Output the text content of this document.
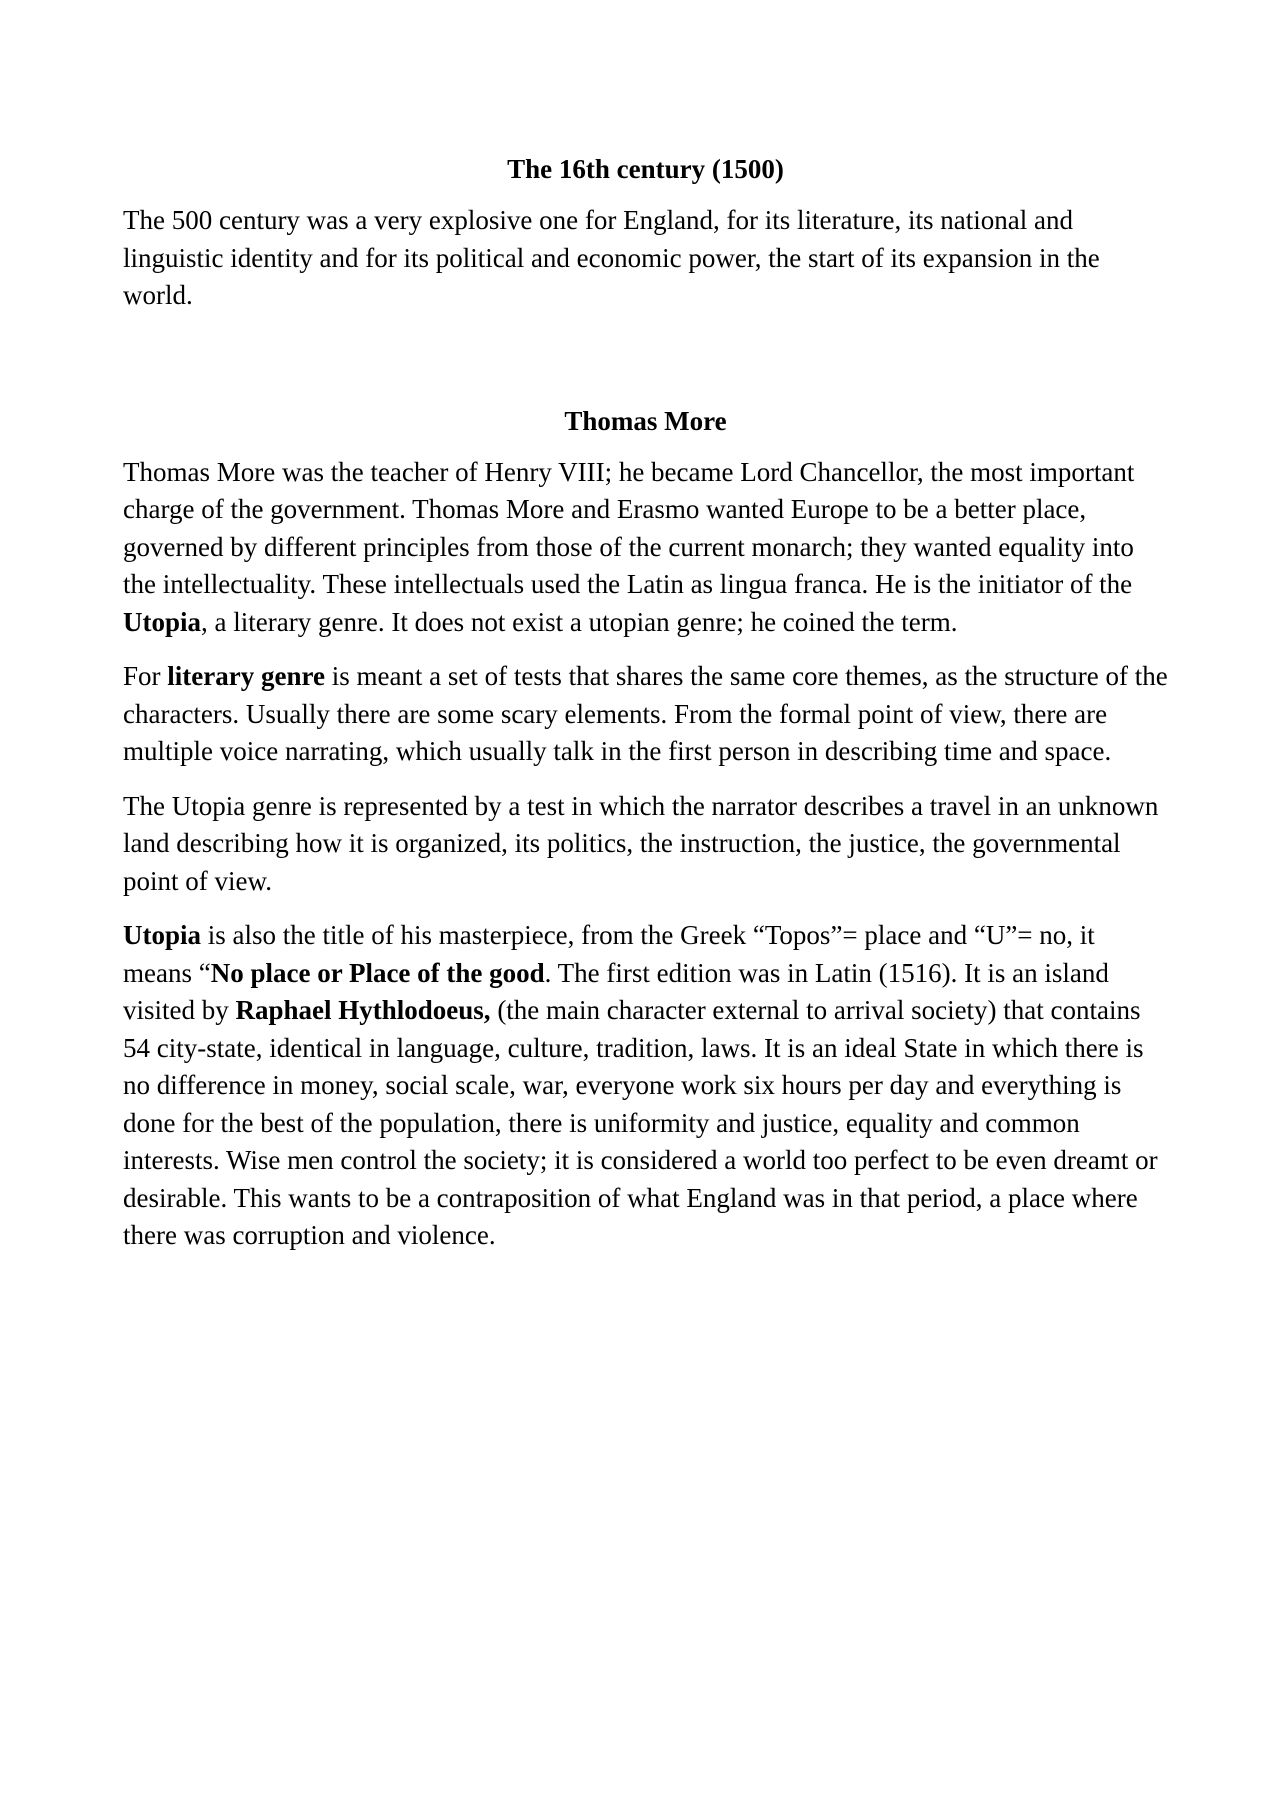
The 16th century (1500)

The 500 century was a very explosive one for England, for its literature, its national and linguistic identity and for its political and economic power, the start of its expansion in the world.

Thomas More

Thomas More was the teacher of Henry VIII; he became Lord Chancellor, the most important charge of the government. Thomas More and Erasmo wanted Europe to be a better place, governed by different principles from those of the current monarch; they wanted equality into the intellectuality. These intellectuals used the Latin as lingua franca. He is the initiator of the Utopia, a literary genre. It does not exist a utopian genre; he coined the term.

For literary genre is meant a set of tests that shares the same core themes, as the structure of the characters. Usually there are some scary elements. From the formal point of view, there are multiple voice narrating, which usually talk in the first person in describing time and space.

The Utopia genre is represented by a test in which the narrator describes a travel in an unknown land describing how it is organized, its politics, the instruction, the justice, the governmental point of view.

Utopia is also the title of his masterpiece, from the Greek “Topos”= place and “U”= no, it means “No place or Place of the good. The first edition was in Latin (1516). It is an island visited by Raphael Hythlodoeus, (the main character external to arrival society) that contains 54 city-state, identical in language, culture, tradition, laws. It is an ideal State in which there is no difference in money, social scale, war, everyone work six hours per day and everything is done for the best of the population, there is uniformity and justice, equality and common interests. Wise men control the society; it is considered a world too perfect to be even dreamt or desirable. This wants to be a contraposition of what England was in that period, a place where there was corruption and violence.
